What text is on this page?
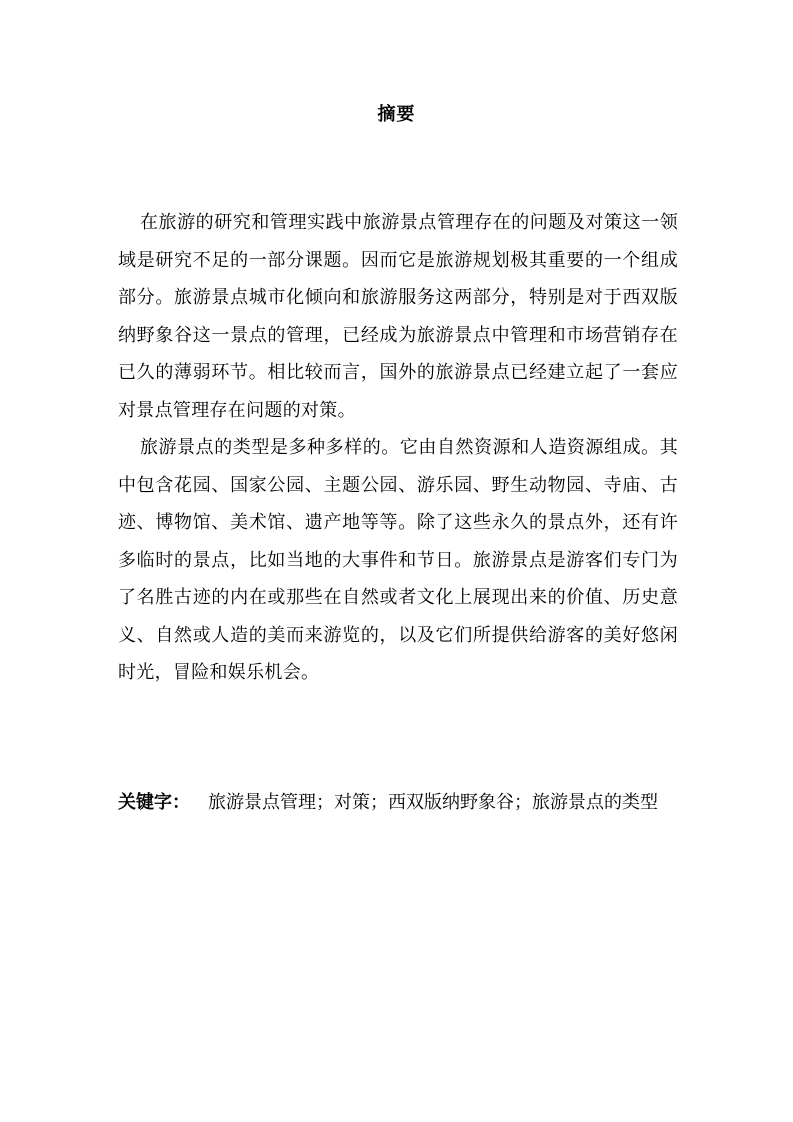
摘要

在旅游的研究和管理实践中旅游景点管理存在的问题及对策这一领域是研究不足的一部分课题。因而它是旅游规划极其重要的一个组成部分。旅游景点城市化倾向和旅游服务这两部分，特别是对于西双版纳野象谷这一景点的管理，已经成为旅游景点中管理和市场营销存在已久的薄弱环节。相比较而言，国外的旅游景点已经建立起了一套应对景点管理存在问题的对策。

旅游景点的类型是多种多样的。它由自然资源和人造资源组成。其中包含花园、国家公园、主题公园、游乐园、野生动物园、寺庙、古迹、博物馆、美术馆、遗产地等等。除了这些永久的景点外，还有许多临时的景点，比如当地的大事件和节日。旅游景点是游客们专门为了名胜古迹的内在或那些在自然或者文化上展现出来的价值、历史意义、自然或人造的美而来游览的，以及它们所提供给游客的美好悠闲时光，冒险和娱乐机会。

关键字： 旅游景点管理；对策；西双版纳野象谷；旅游景点的类型
